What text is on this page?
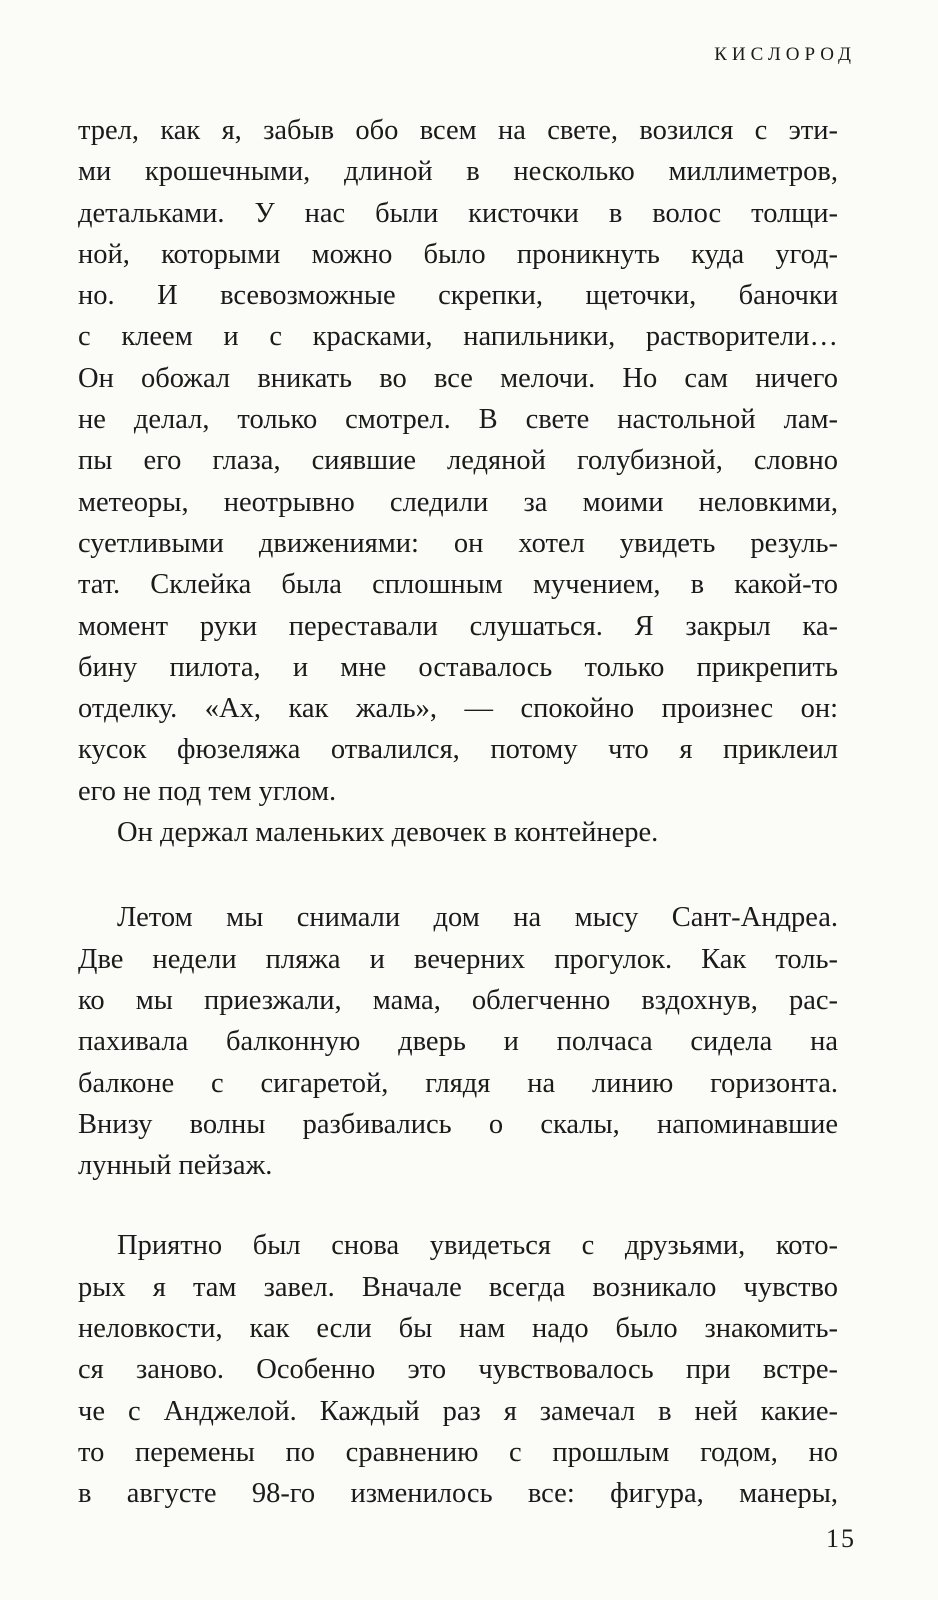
КИСЛОРОД
трел, как я, забыв обо всем на свете, возился с эти-
ми крошечными, длиной в несколько миллиметров,
детальками. У нас были кисточки в волос толщи-
ной, которыми можно было проникнуть куда угод-
но. И всевозможные скрепки, щеточки, баночки
с клеем и с красками, напильники, растворители…
Он обожал вникать во все мелочи. Но сам ничего
не делал, только смотрел. В свете настольной лам-
пы его глаза, сиявшие ледяной голубизной, словно
метеоры, неотрывно следили за моими неловкими,
суетливыми движениями: он хотел увидеть резуль-
тат. Склейка была сплошным мучением, в какой-то
момент руки переставали слушаться. Я закрыл ка-
бину пилота, и мне оставалось только прикрепить
отделку. «Ах, как жаль», — спокойно произнес он:
кусок фюзеляжа отвалился, потому что я приклеил
его не под тем углом.
Он держал маленьких девочек в контейнере.
Летом мы снимали дом на мысу Сант-Андреа.
Две недели пляжа и вечерних прогулок. Как толь-
ко мы приезжали, мама, облегченно вздохнув, рас-
пахивала балконную дверь и полчаса сидела на
балконе с сигаретой, глядя на линию горизонта.
Внизу волны разбивались о скалы, напоминавшие
лунный пейзаж.
Приятно был снова увидеться с друзьями, кото-
рых я там завел. Вначале всегда возникало чувство
неловкости, как если бы нам надо было знакомить-
ся заново. Особенно это чувствовалось при встре-
че с Анджелой. Каждый раз я замечал в ней какие-
то перемены по сравнению с прошлым годом, но
в августе 98-го изменилось все: фигура, манеры,
15
